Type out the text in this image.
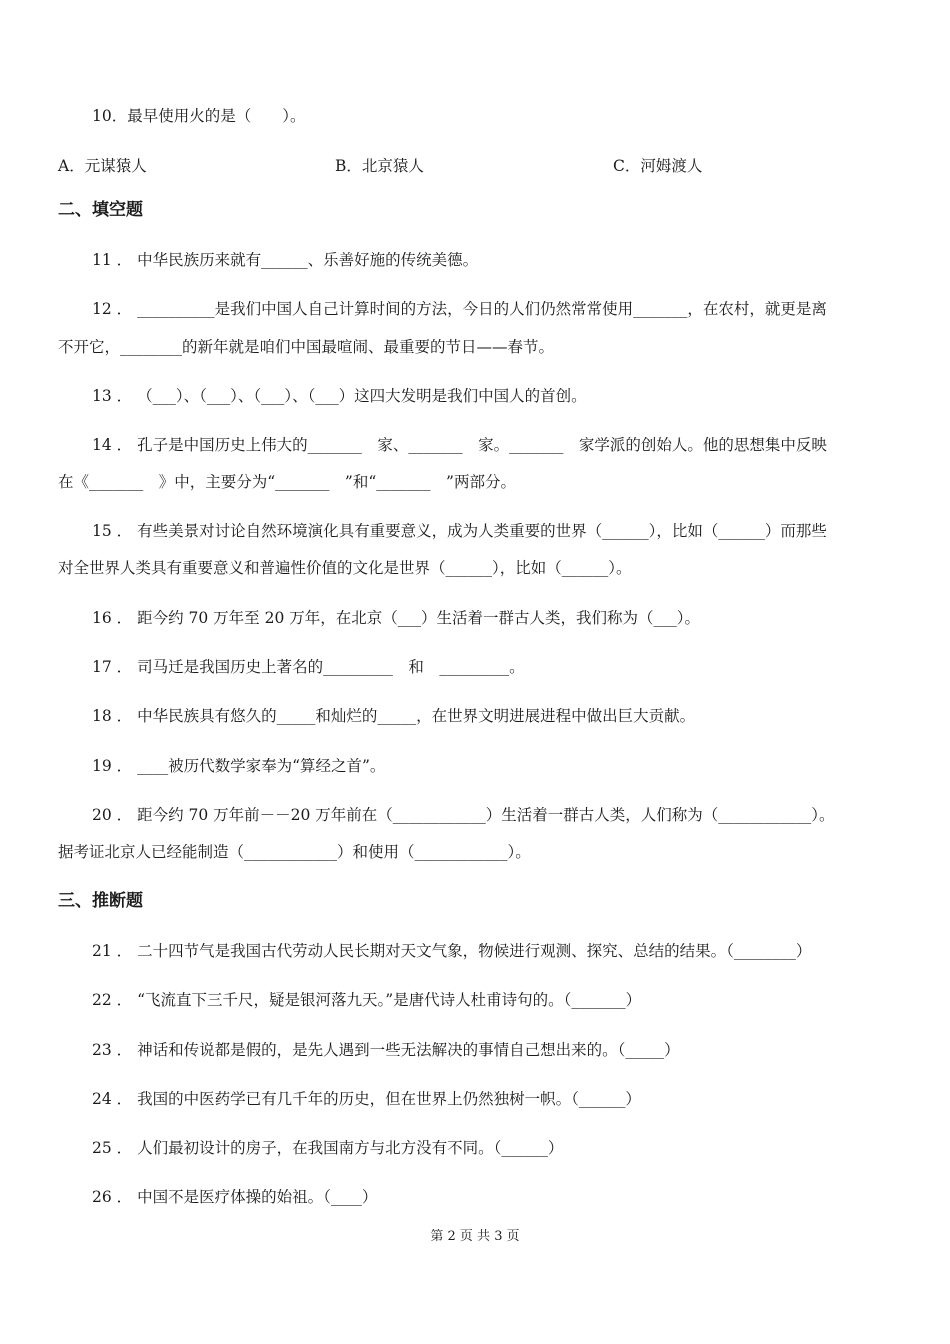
10．最早使用火的是（　　）。
A．元谋猿人	B．北京猿人	C．河姆渡人
二、填空题
11 ． 中华民族历来就有______、乐善好施的传统美德。
12 ． __________是我们中国人自己计算时间的方法，今日的人们仍然常常使用_______，在农村，就更是离
不开它，________的新年就是咱们中国最喧闹、最重要的节日——春节。
13 ． （___）、（___）、（___）、（___）这四大发明是我们中国人的首创。
14 ． 孔子是中国历史上伟大的_______　家、_______　家。_______　家学派的创始人。他的思想集中反映
在《_______　》中，主要分为“_______　”和“_______　”两部分。
15 ． 有些美景对讨论自然环境演化具有重要意义，成为人类重要的世界（______），比如（______）而那些
对全世界人类具有重要意义和普遍性价值的文化是世界（______），比如（______）。
16 ． 距今约 70 万年至 20 万年，在北京（___）生活着一群古人类，我们称为（___）。
17 ． 司马迁是我国历史上著名的_________　和　_________。
18 ． 中华民族具有悠久的_____和灿烂的_____，在世界文明进展进程中做出巨大贡献。
19 ． ____被历代数学家奉为“算经之首”。
20 ． 距今约 70 万年前－－20 万年前在（____________）生活着一群古人类，人们称为（____________）。
据考证北京人已经能制造（____________）和使用（____________）。
三、推断题
21 ． 二十四节气是我国古代劳动人民长期对天文气象，物候进行观测、探究、总结的结果。（________）
22 ． “飞流直下三千尺，疑是银河落九天。”是唐代诗人杜甫诗句的。（_______）
23 ． 神话和传说都是假的，是先人遇到一些无法解决的事情自己想出来的。（_____）
24 ． 我国的中医药学已有几千年的历史，但在世界上仍然独树一帜。（______）
25 ． 人们最初设计的房子，在我国南方与北方没有不同。（______）
26 ． 中国不是医疗体操的始祖。（____）
第 2 页 共 3 页
